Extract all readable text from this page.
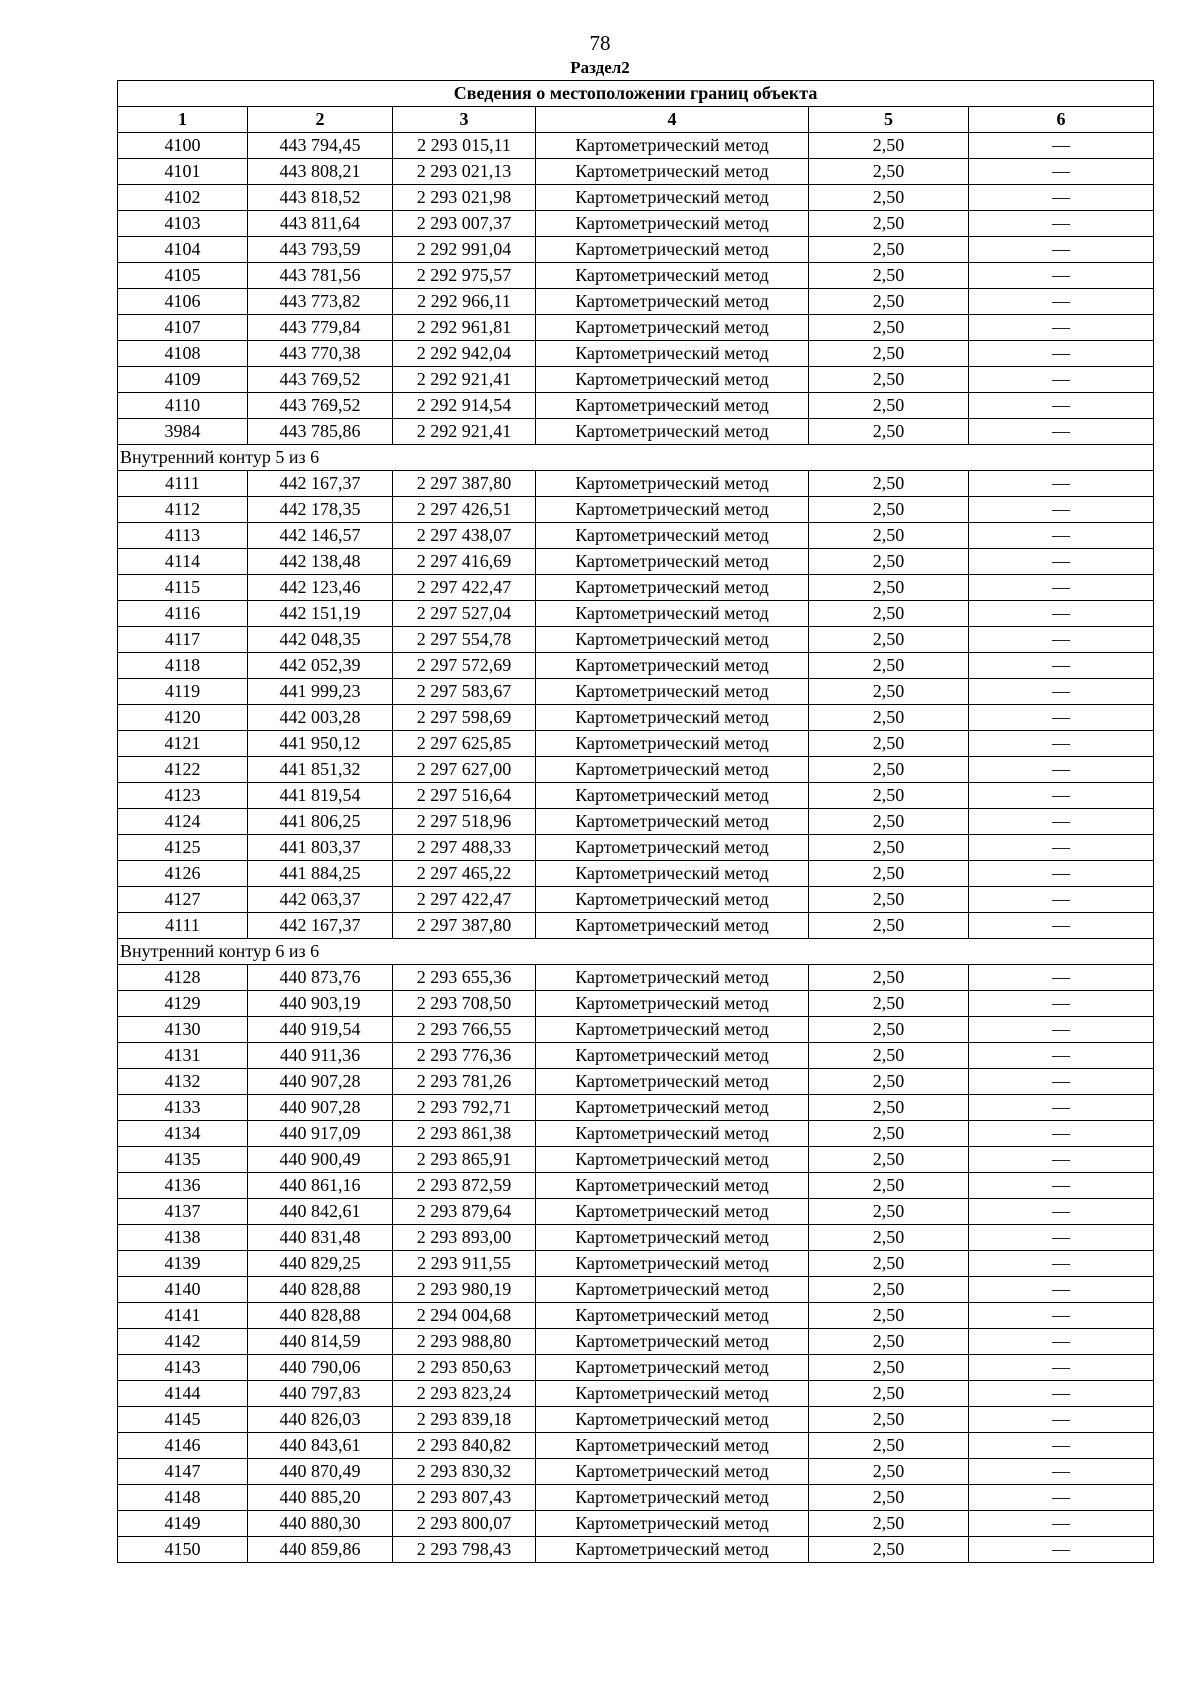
78
Раздел2
Сведения о местоположении границ объекта					
1	2	3	4	5	6
4100	443 794,45	2 293 015,11	Картометрический метод	2,50	—
4101	443 808,21	2 293 021,13	Картометрический метод	2,50	—
4102	443 818,52	2 293 021,98	Картометрический метод	2,50	—
4103	443 811,64	2 293 007,37	Картометрический метод	2,50	—
4104	443 793,59	2 292 991,04	Картометрический метод	2,50	—
4105	443 781,56	2 292 975,57	Картометрический метод	2,50	—
4106	443 773,82	2 292 966,11	Картометрический метод	2,50	—
4107	443 779,84	2 292 961,81	Картометрический метод	2,50	—
4108	443 770,38	2 292 942,04	Картометрический метод	2,50	—
4109	443 769,52	2 292 921,41	Картометрический метод	2,50	—
4110	443 769,52	2 292 914,54	Картометрический метод	2,50	—
3984	443 785,86	2 292 921,41	Картометрический метод	2,50	—
Внутренний контур 5 из 6					
4111	442 167,37	2 297 387,80	Картометрический метод	2,50	—
4112	442 178,35	2 297 426,51	Картометрический метод	2,50	—
4113	442 146,57	2 297 438,07	Картометрический метод	2,50	—
4114	442 138,48	2 297 416,69	Картометрический метод	2,50	—
4115	442 123,46	2 297 422,47	Картометрический метод	2,50	—
4116	442 151,19	2 297 527,04	Картометрический метод	2,50	—
4117	442 048,35	2 297 554,78	Картометрический метод	2,50	—
4118	442 052,39	2 297 572,69	Картометрический метод	2,50	—
4119	441 999,23	2 297 583,67	Картометрический метод	2,50	—
4120	442 003,28	2 297 598,69	Картометрический метод	2,50	—
4121	441 950,12	2 297 625,85	Картометрический метод	2,50	—
4122	441 851,32	2 297 627,00	Картометрический метод	2,50	—
4123	441 819,54	2 297 516,64	Картометрический метод	2,50	—
4124	441 806,25	2 297 518,96	Картометрический метод	2,50	—
4125	441 803,37	2 297 488,33	Картометрический метод	2,50	—
4126	441 884,25	2 297 465,22	Картометрический метод	2,50	—
4127	442 063,37	2 297 422,47	Картометрический метод	2,50	—
4111	442 167,37	2 297 387,80	Картометрический метод	2,50	—
Внутренний контур 6 из 6					
4128	440 873,76	2 293 655,36	Картометрический метод	2,50	—
4129	440 903,19	2 293 708,50	Картометрический метод	2,50	—
4130	440 919,54	2 293 766,55	Картометрический метод	2,50	—
4131	440 911,36	2 293 776,36	Картометрический метод	2,50	—
4132	440 907,28	2 293 781,26	Картометрический метод	2,50	—
4133	440 907,28	2 293 792,71	Картометрический метод	2,50	—
4134	440 917,09	2 293 861,38	Картометрический метод	2,50	—
4135	440 900,49	2 293 865,91	Картометрический метод	2,50	—
4136	440 861,16	2 293 872,59	Картометрический метод	2,50	—
4137	440 842,61	2 293 879,64	Картометрический метод	2,50	—
4138	440 831,48	2 293 893,00	Картометрический метод	2,50	—
4139	440 829,25	2 293 911,55	Картометрический метод	2,50	—
4140	440 828,88	2 293 980,19	Картометрический метод	2,50	—
4141	440 828,88	2 294 004,68	Картометрический метод	2,50	—
4142	440 814,59	2 293 988,80	Картометрический метод	2,50	—
4143	440 790,06	2 293 850,63	Картометрический метод	2,50	—
4144	440 797,83	2 293 823,24	Картометрический метод	2,50	—
4145	440 826,03	2 293 839,18	Картометрический метод	2,50	—
4146	440 843,61	2 293 840,82	Картометрический метод	2,50	—
4147	440 870,49	2 293 830,32	Картометрический метод	2,50	—
4148	440 885,20	2 293 807,43	Картометрический метод	2,50	—
4149	440 880,30	2 293 800,07	Картометрический метод	2,50	—
4150	440 859,86	2 293 798,43	Картометрический метод	2,50	—
